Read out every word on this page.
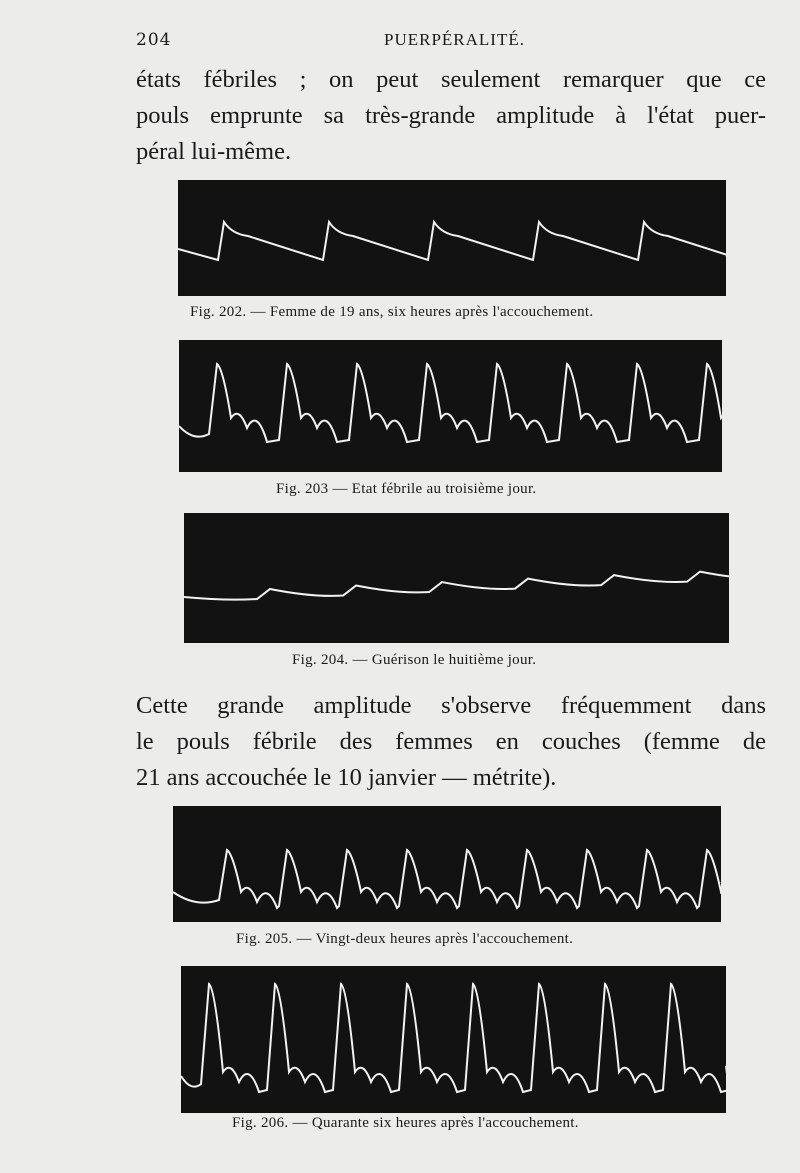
204	PUERPÉRALITÉ.
états fébriles ; on peut seulement remarquer que ce
pouls emprunte sa très-grande amplitude à l'état puer-
péral lui-même.
Fig. 202. — Femme de 19 ans, six heures après l'accouchement.
Fig. 203 — Etat fébrile au troisième jour.
Fig. 204. — Guérison le huitième jour.
Cette grande amplitude s'observe fréquemment dans
le pouls fébrile des femmes en couches (femme de
21 ans accouchée le 10 janvier — métrite).
Fig. 205. — Vingt-deux heures après l'accouchement.
Fig. 206. — Quarante six heures après l'accouchement.
